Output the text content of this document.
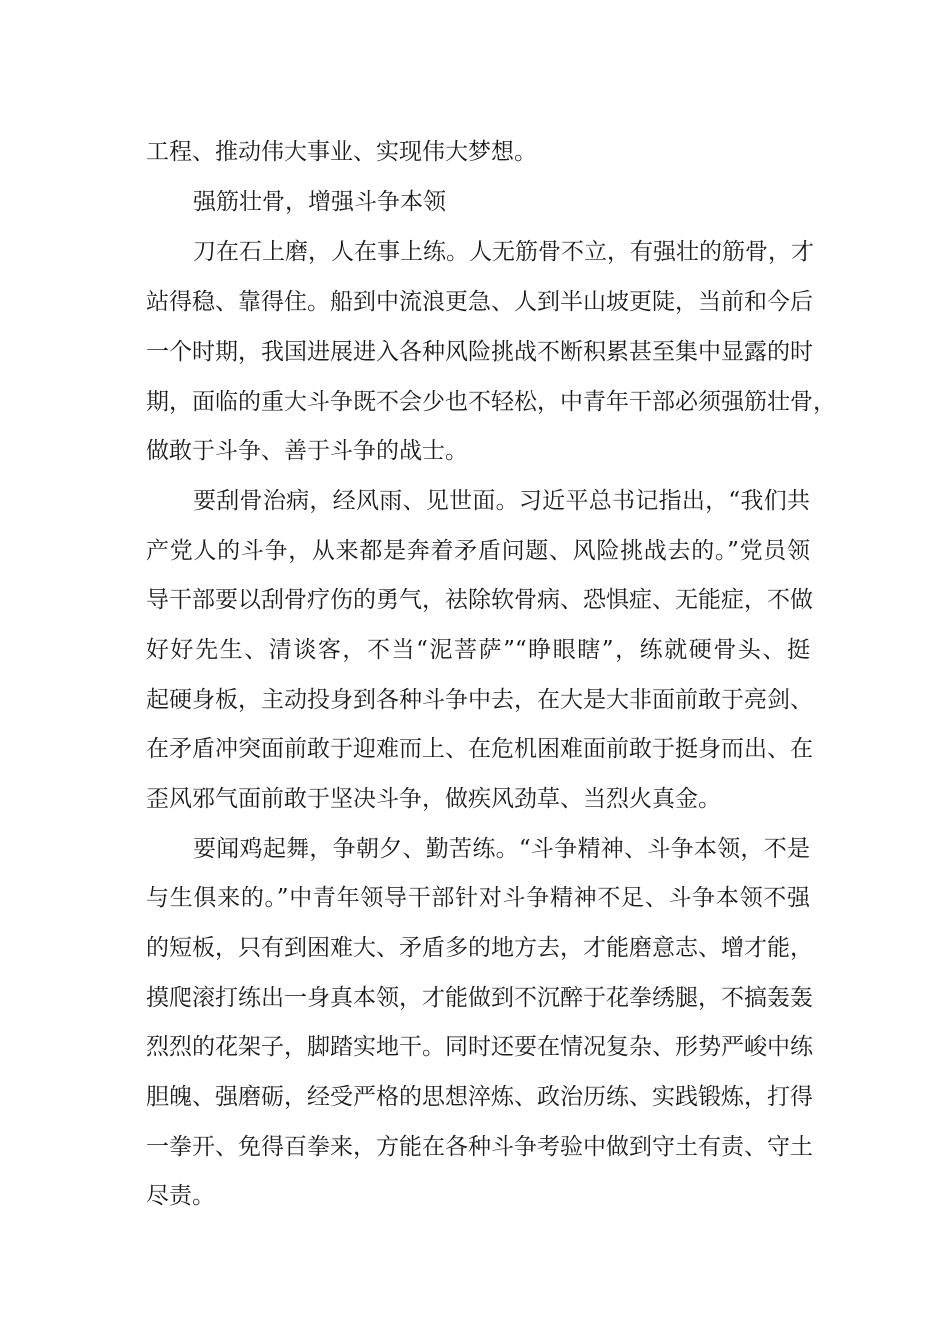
工程、推动伟大事业、实现伟大梦想。
强筋壮骨，增强斗争本领
刀在石上磨，人在事上练。人无筋骨不立，有强壮的筋骨，才
站得稳、靠得住。船到中流浪更急、人到半山坡更陡，当前和今后
一个时期，我国进展进入各种风险挑战不断积累甚至集中显露的时
期，面临的重大斗争既不会少也不轻松，中青年干部必须强筋壮骨，
做敢于斗争、善于斗争的战士。
要刮骨治病，经风雨、见世面。习近平总书记指出，“我们共
产党人的斗争，从来都是奔着矛盾问题、风险挑战去的。”党员领
导干部要以刮骨疗伤的勇气，祛除软骨病、恐惧症、无能症，不做
好好先生、清谈客，不当“泥菩萨”“睁眼瞎”，练就硬骨头、挺
起硬身板，主动投身到各种斗争中去，在大是大非面前敢于亮剑、
在矛盾冲突面前敢于迎难而上、在危机困难面前敢于挺身而出、在
歪风邪气面前敢于坚决斗争，做疾风劲草、当烈火真金。
要闻鸡起舞，争朝夕、勤苦练。“斗争精神、斗争本领，不是
与生俱来的。”中青年领导干部针对斗争精神不足、斗争本领不强
的短板，只有到困难大、矛盾多的地方去，才能磨意志、增才能，
摸爬滚打练出一身真本领，才能做到不沉醉于花拳绣腿，不搞轰轰
烈烈的花架子，脚踏实地干。同时还要在情况复杂、形势严峻中练
胆魄、强磨砺，经受严格的思想淬炼、政治历练、实践锻炼，打得
一拳开、免得百拳来，方能在各种斗争考验中做到守土有责、守土
尽责。
